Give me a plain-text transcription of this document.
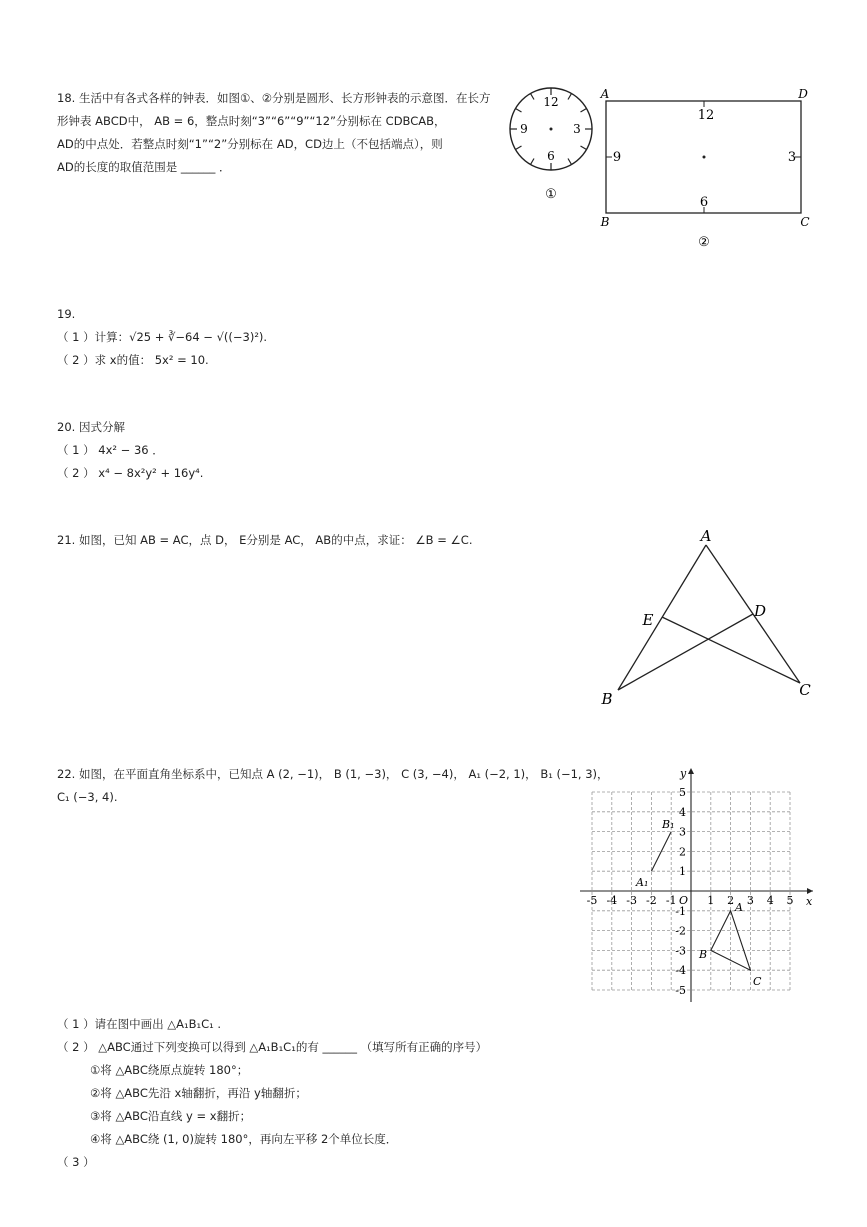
18. 生活中有各式各样的钟表．如图①、②分别是圆形、长方形钟表的示意图．在长方
形钟表 ABCD中， AB = 6，整点时刻“3”“6”“9”“12”分别标在 CDBCAB，
AD的中点处．若整点时刻“1”“2”分别标在 AD，CD边上（不包括端点），则
AD的长度的取值范围是 ______ ．
12
3
6
9
①
12
3
6
9
A	D
B	C
②
19.
（ 1 ）计算：√25 + ∛−64 − √((−3)²).
（ 2 ）求 x的值： 5x² = 10.
20. 因式分解
（ 1 ） 4x² − 36 ．
（ 2 ） x⁴ − 8x²y² + 16y⁴.
21. 如图，已知 AB = AC，点 D， E分别是 AC， AB的中点，求证： ∠B = ∠C.	A
E	D
B	C
22. 如图，在平面直角坐标系中，已知点 A (2, −1)， B (1, −3)， C (3, −4)， A₁ (−2, 1)， B₁ (−1, 3)，
C₁ (−3, 4).
-5
-5
-4
-4
-3
-3
-2
-2
-1
-1
1
1
2
2
3
3
4
4
5
5
x
y
O
A
B
C
A₁
B₁
（ 1 ）请在图中画出 △A₁B₁C₁ .
（ 2 ） △ABC通过下列变换可以得到 △A₁B₁C₁的有 ______ （填写所有正确的序号）
①将 △ABC绕原点旋转 180°；
②将 △ABC先沿 x轴翻折，再沿 y轴翻折；
③将 △ABC沿直线 y = x翻折；
④将 △ABC绕 (1, 0)旋转 180°，再向左平移 2个单位长度．
（ 3 ）
